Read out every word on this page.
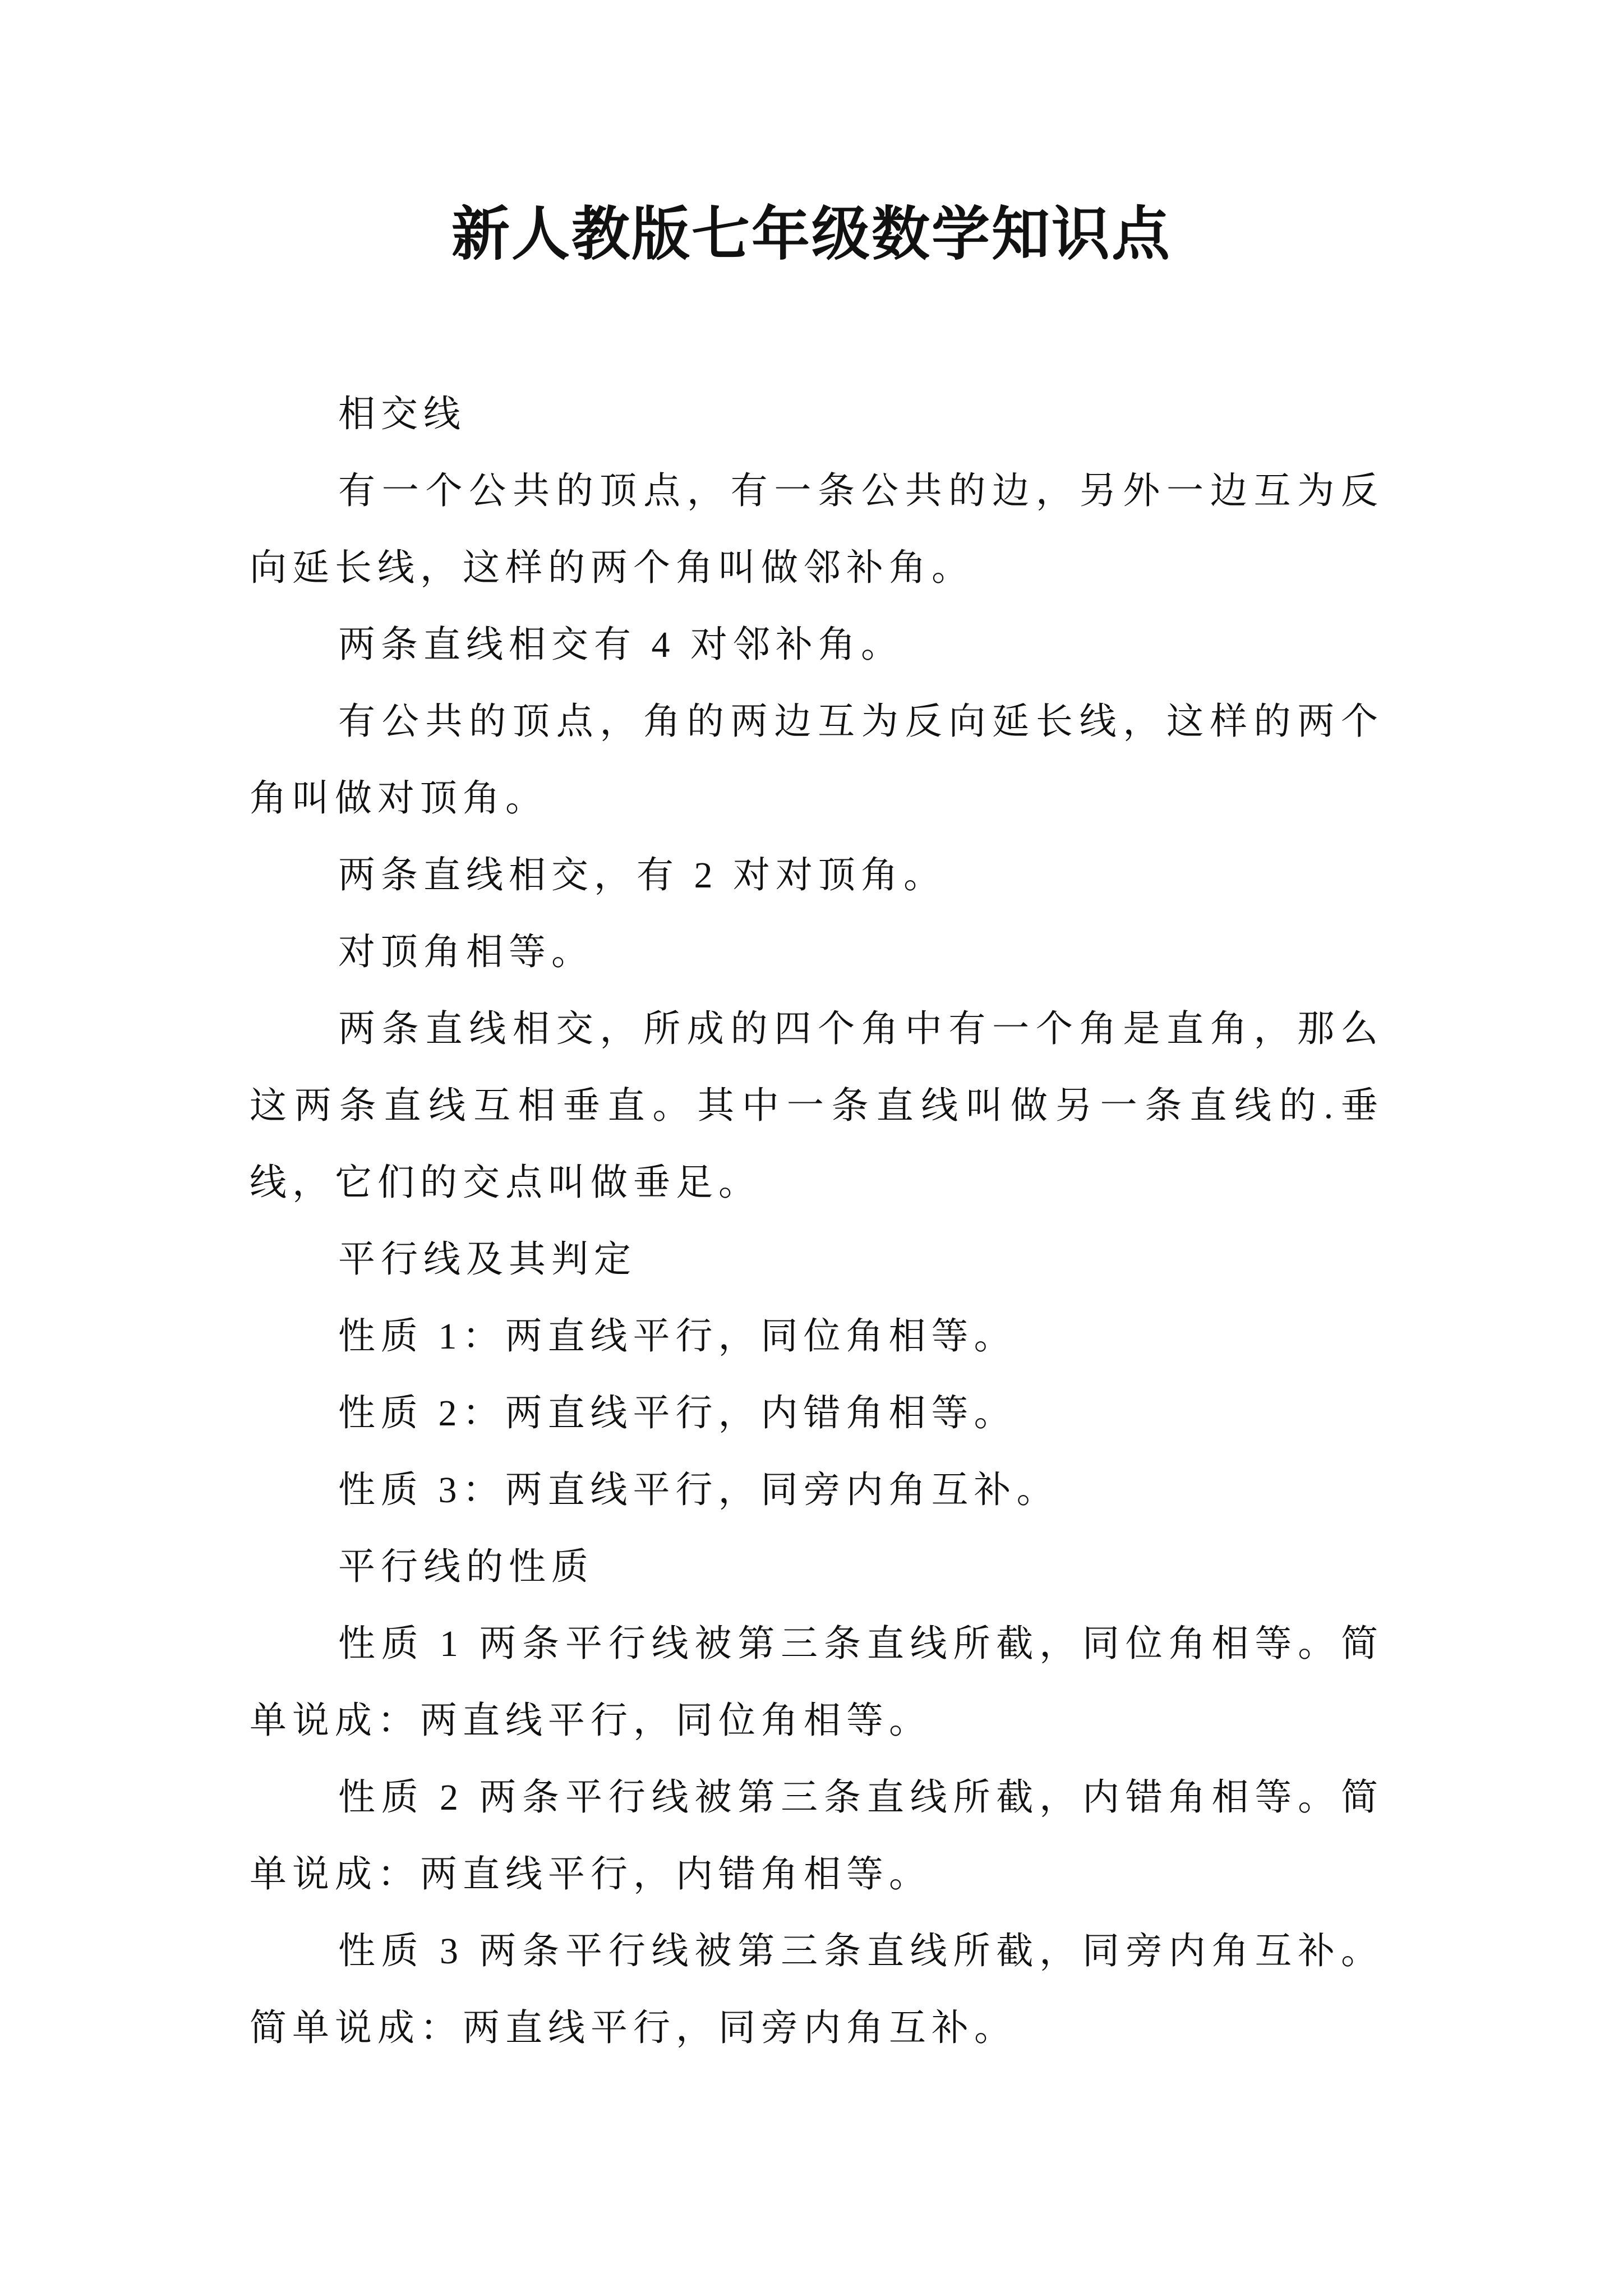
新人教版七年级数学知识点
相交线
有一个公共的顶点，有一条公共的边，另外一边互为反
向延长线，这样的两个角叫做邻补角。
两条直线相交有 4 对邻补角。
有公共的顶点，角的两边互为反向延长线，这样的两个
角叫做对顶角。
两条直线相交，有 2 对对顶角。
对顶角相等。
两条直线相交，所成的四个角中有一个角是直角，那么
这两条直线互相垂直。其中一条直线叫做另一条直线的.垂
线，它们的交点叫做垂足。
平行线及其判定
性质 1：两直线平行，同位角相等。
性质 2：两直线平行，内错角相等。
性质 3：两直线平行，同旁内角互补。
平行线的性质
性质 1 两条平行线被第三条直线所截，同位角相等。简
单说成：两直线平行，同位角相等。
性质 2 两条平行线被第三条直线所截，内错角相等。简
单说成：两直线平行，内错角相等。
性质 3 两条平行线被第三条直线所截，同旁内角互补。
简单说成：两直线平行，同旁内角互补。
